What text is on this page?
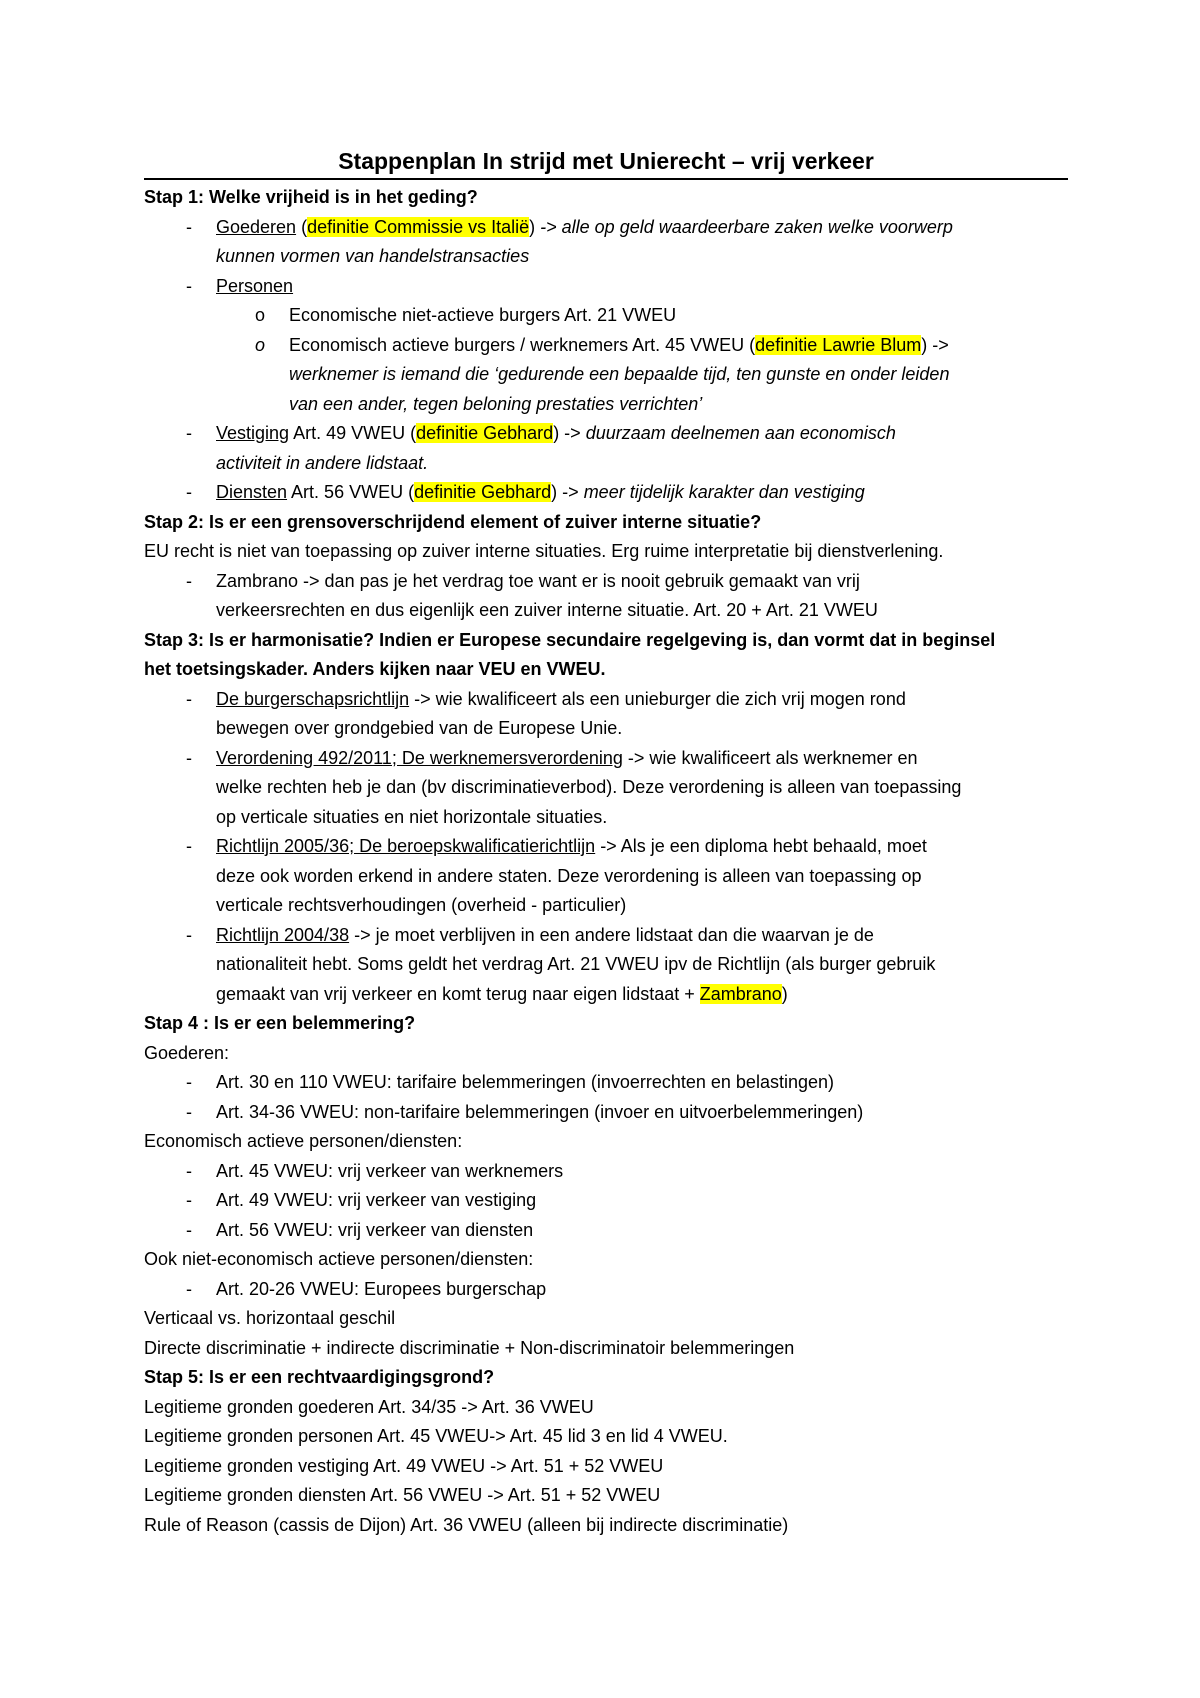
Stappenplan In strijd met Unierecht – vrij verkeer
Stap 1: Welke vrijheid is in het geding?
- Goederen (definitie Commissie vs Italië) -> alle op geld waardeerbare zaken welke voorwerp
kunnen vormen van handelstransacties
- Personen
o Economische niet-actieve burgers Art. 21 VWEU
o Economisch actieve burgers / werknemers Art. 45 VWEU (definitie Lawrie Blum) ->
werknemer is iemand die ‘gedurende een bepaalde tijd, ten gunste en onder leiden
van een ander, tegen beloning prestaties verrichten’
- Vestiging Art. 49 VWEU (definitie Gebhard) -> duurzaam deelnemen aan economisch
activiteit in andere lidstaat.
- Diensten Art. 56 VWEU (definitie Gebhard) -> meer tijdelijk karakter dan vestiging
Stap 2: Is er een grensoverschrijdend element of zuiver interne situatie?
EU recht is niet van toepassing op zuiver interne situaties. Erg ruime interpretatie bij dienstverlening.
- Zambrano -> dan pas je het verdrag toe want er is nooit gebruik gemaakt van vrij
verkeersrechten en dus eigenlijk een zuiver interne situatie. Art. 20 + Art. 21 VWEU
Stap 3: Is er harmonisatie? Indien er Europese secundaire regelgeving is, dan vormt dat in beginsel
het toetsingskader. Anders kijken naar VEU en VWEU.
- De burgerschapsrichtlijn -> wie kwalificeert als een unieburger die zich vrij mogen rond
bewegen over grondgebied van de Europese Unie.
- Verordening 492/2011; De werknemersverordening -> wie kwalificeert als werknemer en
welke rechten heb je dan (bv discriminatieverbod). Deze verordening is alleen van toepassing
op verticale situaties en niet horizontale situaties.
- Richtlijn 2005/36; De beroepskwalificatierichtlijn -> Als je een diploma hebt behaald, moet
deze ook worden erkend in andere staten. Deze verordening is alleen van toepassing op
verticale rechtsverhoudingen (overheid - particulier)
- Richtlijn 2004/38 -> je moet verblijven in een andere lidstaat dan die waarvan je de
nationaliteit hebt. Soms geldt het verdrag Art. 21 VWEU ipv de Richtlijn (als burger gebruik
gemaakt van vrij verkeer en komt terug naar eigen lidstaat + Zambrano)
Stap 4 : Is er een belemmering?
Goederen:
- Art. 30 en 110 VWEU: tarifaire belemmeringen (invoerrechten en belastingen)
- Art. 34-36 VWEU: non-tarifaire belemmeringen (invoer en uitvoerbelemmeringen)
Economisch actieve personen/diensten:
- Art. 45 VWEU: vrij verkeer van werknemers
- Art. 49 VWEU: vrij verkeer van vestiging
- Art. 56 VWEU: vrij verkeer van diensten
Ook niet-economisch actieve personen/diensten:
- Art. 20-26 VWEU: Europees burgerschap
Verticaal vs. horizontaal geschil
Directe discriminatie + indirecte discriminatie + Non-discriminatoir belemmeringen
Stap 5: Is er een rechtvaardigingsgrond?
Legitieme gronden goederen Art. 34/35 -> Art. 36 VWEU
Legitieme gronden personen Art. 45 VWEU-> Art. 45 lid 3 en lid 4 VWEU.
Legitieme gronden vestiging Art. 49 VWEU -> Art. 51 + 52 VWEU
Legitieme gronden diensten Art. 56 VWEU -> Art. 51 + 52 VWEU
Rule of Reason (cassis de Dijon) Art. 36 VWEU (alleen bij indirecte discriminatie)
